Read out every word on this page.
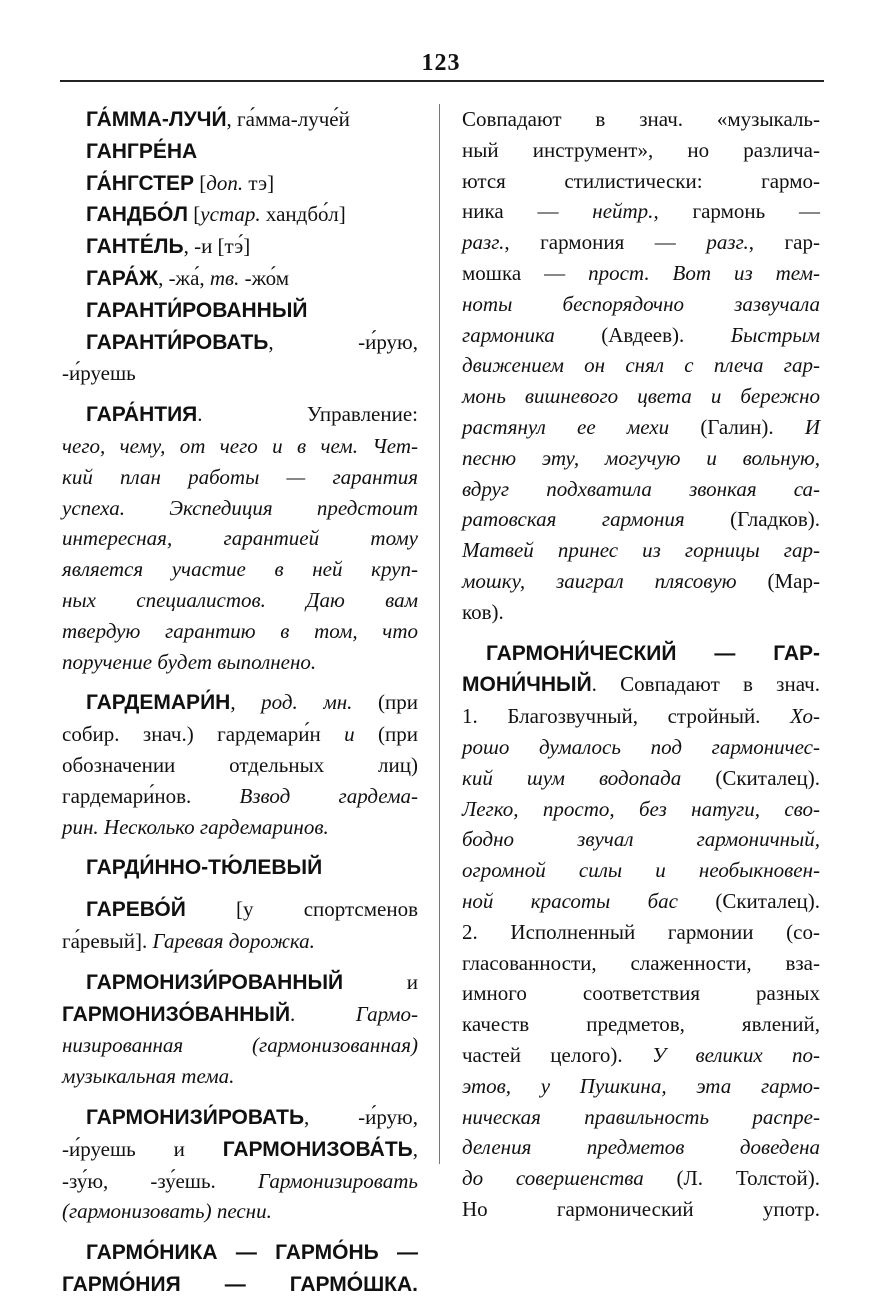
123
ГА́ММА-ЛУЧИ́, га́мма-луче́й
ГАНГРЕ́НА
ГА́НГСТЕР [доп. тэ]
ГАНДБО́Л [устар. хандбо́л]
ГАНТЕ́ЛЬ, -и [тэ́]
ГАРА́Ж, -жа́, тв. -жо́м
ГАРАНТИ́РОВАННЫЙ
ГАРАНТИ́РОВАТЬ, -и́рую,
-и́руешь
ГАРА́НТИЯ. Управление:
чего, чему, от чего и в чем. Чет-
кий план работы — гарантия
успеха. Экспедиция предстоит
интересная, гарантией тому
является участие в ней круп-
ных специалистов. Даю вам
твердую гарантию в том, что
поручение будет выполнено.
ГАРДЕМАРИ́Н, род. мн. (при
собир. знач.) гардемари́н и (при
обозначении отдельных лиц)
гардемари́нов. Взвод гардема-
рин. Несколько гардемаринов.
ГАРДИ́ННО-ТЮ́ЛЕВЫЙ
ГАРЕВО́Й [у спортсменов
га́ревый]. Гаревая дорожка.
ГАРМОНИЗИ́РОВАННЫЙ и
ГАРМОНИЗО́ВАННЫЙ. Гармо-
низированная (гармонизованная)
музыкальная тема.
ГАРМОНИЗИ́РОВАТЬ, -и́рую,
-и́руешь и ГАРМОНИЗОВА́ТЬ,
-зу́ю, -зу́ешь. Гармонизировать
(гармонизовать) песни.
ГАРМО́НИКА — ГАРМО́НЬ —
ГАРМО́НИЯ — ГАРМО́ШКА.
Совпадают в знач. «музыкаль-
ный инструмент», но различа-
ются стилистически: гармо-
ника — нейтр., гармонь —
разг., гармония — разг., гар-
мошка — прост. Вот из тем-
ноты беспорядочно зазвучала
гармоника (Авдеев). Быстрым
движением он снял с плеча гар-
монь вишневого цвета и бережно
растянул ее мехи (Галин). И
песню эту, могучую и вольную,
вдруг подхватила звонкая са-
ратовская гармония (Гладков).
Матвей принес из горницы гар-
мошку, заиграл плясовую (Мар-
ков).
ГАРМОНИ́ЧЕСКИЙ — ГАР-
МОНИ́ЧНЫЙ. Совпадают в знач.
1. Благозвучный, стройный. Хо-
рошо думалось под гармоничес-
кий шум водопада (Скиталец).
Легко, просто, без натуги, сво-
бодно звучал гармоничный,
огромной силы и необыкновен-
ной красоты бас (Скиталец).
2. Исполненный гармонии (со-
гласованности, слаженности, вза-
имного соответствия разных
качеств предметов, явлений,
частей целого). У великих по-
этов, у Пушкина, эта гармо-
ническая правильность распре-
деления предметов доведена
до совершенства (Л. Толстой).
Но гармонический употр.
